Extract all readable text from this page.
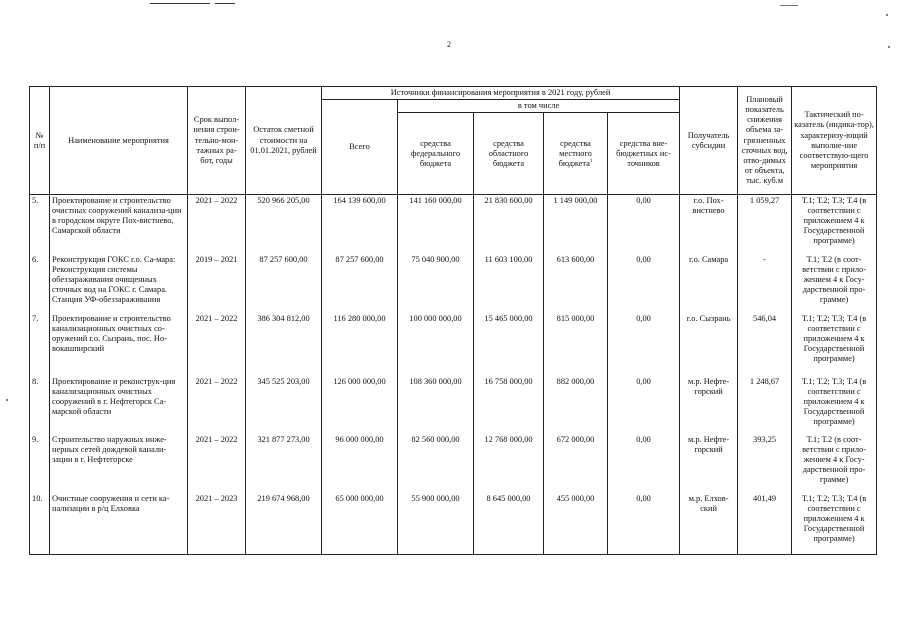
2
№ п/п	Наименование мероприятия	Срок выпол-нения строи-тельно-мон-тажных ра-бот, годы	Остаток сметной стоимости на 01.01.2021, рублей	Источники финансирования мероприятия в 2021 году, рублей					Получатель субсидии	Плановый показатель снижения объема за-грязненных сточных вод, отво-димых от объекта, тыс. куб.м	Тактический по-казатель (индика-тор), характеризу-ющий выполне-ние соответствую-щего мероприятия
				Всего	в том числе						
					средства федерального бюджета	средства областного бюджета	средства местного бюджета$^1$	средства вне-бюджетных ис-точников			
5.	Проектирование и строительство очистных сооружений канализа-ции в городском округе Пох-вистнево, Самарской области	2021 – 2022	520 966 205,00	164 139 600,00	141 160 000,00	21 830 600,00	1 149 000,00	0,00	г.о. Пох-вистнево	1 059,27	Т.1; Т.2; Т.3; Т.4 (в соответствии с приложением 4 к Государственной программе)
6.	Реконструкция ГОКС г.о. Са-мара: Реконструкция системы обеззараживания очищенных сточных вод на ГОКС г. Самара. Станция УФ-обеззараживания	2019 – 2021	87 257 600,00	87 257 600,00	75 040 900,00	11 603 100,00	613 600,00	0,00	г.о. Самара	-	Т.1; Т.2 (в соот-ветствии с прило-жением 4 к Госу-дарственной про-грамме)
7.	Проектирование и строительство канализационных очистных со-оружений г.о. Сызрань, пос. Но-вокашпирский	2021 – 2022	386 304 812,00	116 280 000,00	100 000 000,00	15 465 000,00	815 000,00	0,00	г.о. Сызрань	546,04	Т.1; Т.2; Т.3; Т.4 (в соответствии с приложением 4 к Государственной программе)
8.	Проектирование и реконструк-ция канализационных очистных сооружений в г. Нефтегорск Са-марской области	2021 – 2022	345 525 203,00	126 000 000,00	108 360 000,00	16 758 000,00	882 000,00	0,00	м.р. Нефте-горский	1 248,67	Т.1; Т.2; Т.3; Т.4 (в соответствии с приложением 4 к Государственной программе)
9.	Строительство наружных инже-нерных сетей дождевой канали-зации в г. Нефтегорске	2021 – 2022	321 877 273,00	96 000 000,00	82 560 000,00	12 768 000,00	672 000,00	0,00	м.р. Нефте-горский	393,25	Т.1; Т.2 (в соот-ветствии с прило-жением 4 к Госу-дарственной про-грамме)
10.	Очистные сооружения и сети ка-нализации в р/ц Елховка	2021 – 2023	219 674 968,00	65 000 000,00	55 900 000,00	8 645 000,00	455 000,00	0,00	м.р. Елхов-ский	401,49	Т.1; Т.2; Т.3; Т.4 (в соответствии с приложением 4 к Государственной программе)
